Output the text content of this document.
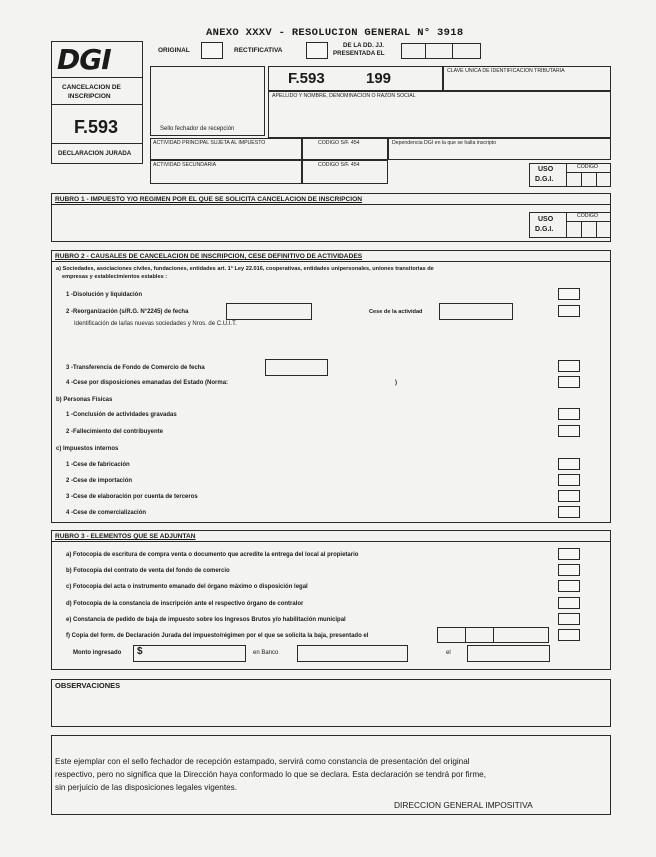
ANEXO XXXV - RESOLUCION GENERAL N° 3918
ORIGINAL	RECTIFICATIVA
DE LA DD. JJ.
PRESENTADA EL
DGI
CANCELACION DE
INSCRIPCION
F.593
DECLARACION JURADA
Sello fechador de recepción
F.593	199	CLAVE UNICA DE IDENTIFICACION TRIBUTARIA
APELLIDO Y NOMBRE, DENOMINACION O RAZON SOCIAL
ACTIVIDAD PRINCIPAL SUJETA AL IMPUESTO	CODIGO S/F. 454	Dependencia DGI en la que se halla inscripto
ACTIVIDAD SECUNDARIA	CODIGO S/F. 454
USO
D.G.I.
CODIGO
RUBRO 1 - IMPUESTO Y/O REGIMEN POR EL QUE SE SOLICITA CANCELACION DE INSCRIPCION
USO
D.G.I.
CODIGO
RUBRO 2 - CAUSALES DE CANCELACION DE INSCRIPCION, CESE DEFINITIVO DE ACTIVIDADES
a) Sociedades, asociaciones civiles, fundaciones, entidades art. 1° Ley 22.016, cooperativas, entidades unipersonales, uniones transitorias de
empresas y establecimientos estables :
1 -Disolución y liquidación
2 -Reorganización (s/R.G. N°2245) de fecha	Cese de la actividad
Identificación de la/las nuevas sociedades y Nros. de C.U.I.T.
3 -Transferencia de Fondo de Comercio de fecha
4 -Cese por disposiciones emanadas del Estado (Norma:	)
b) Personas Físicas
1 -Conclusión de actividades gravadas
2 -Fallecimiento del contribuyente
c) Impuestos internos
1 -Cese de fabricación
2 -Cese de importación
3 -Cese de elaboración por cuenta de terceros
4 -Cese de comercialización
RUBRO 3 - ELEMENTOS QUE SE ADJUNTAN
a) Fotocopia de escritura de compra venta o documento que acredite la entrega del local al propietario
b) Fotocopia del contrato de venta del fondo de comercio
c) Fotocopia del acta o instrumento emanado del órgano máximo o disposición legal
d) Fotocopia de la constancia de inscripción ante el respectivo órgano de contralor
e) Constancia de pedido de baja de impuesto sobre los Ingresos Brutos y/o habilitación municipal
f) Copia del form. de Declaración Jurada del impuesto/régimen por el que se solicita la baja, presentado el
Monto ingresado $	en Banco	el
OBSERVACIONES
Este ejemplar con el sello fechador de recepción estampado, servirá como constancia de presentación del original
respectivo, pero no significa que la Dirección haya conformado lo que se declara. Esta declaración se tendrá por firme,
sin perjuicio de las disposiciones legales vigentes.
DIRECCION GENERAL IMPOSITIVA
